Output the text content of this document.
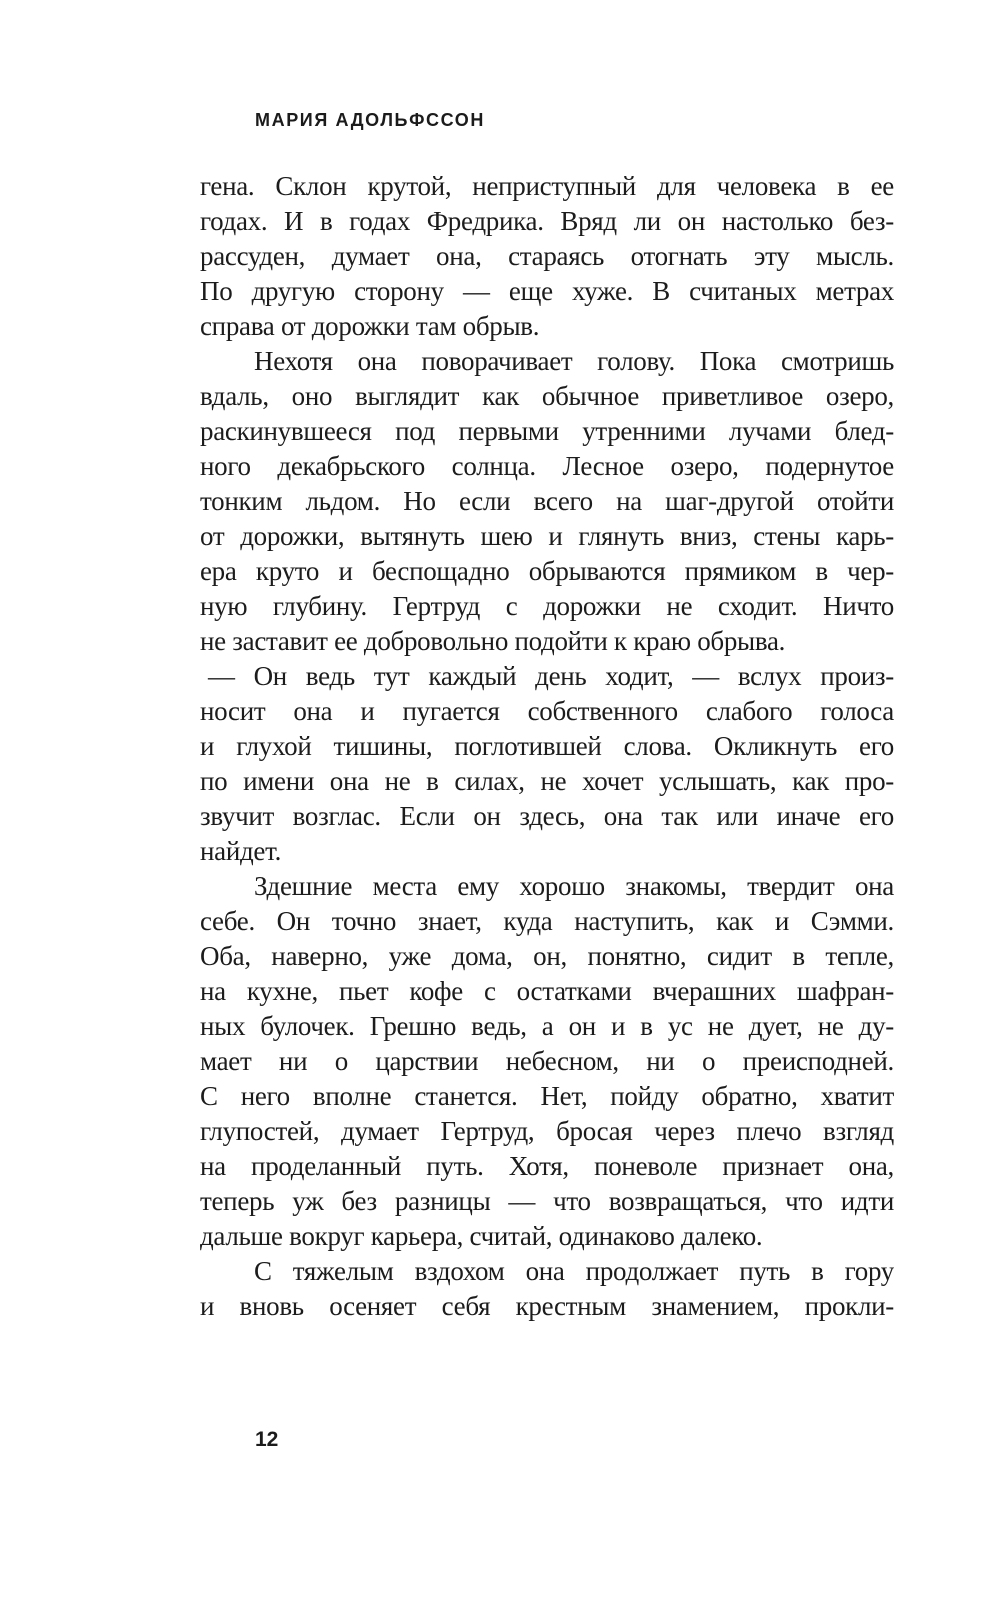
МАРИЯ АДОЛЬФССОН
гена. Склон крутой, неприступный для человека в ее
годах. И в годах Фредрика. Вряд ли он настолько без-
рассуден, думает она, стараясь отогнать эту мысль.
По другую сторону — еще хуже. В считаных метрах
справа от дорожки там обрыв.
Нехотя она поворачивает голову. Пока смотришь
вдаль, оно выглядит как обычное приветливое озеро,
раскинувшееся под первыми утренними лучами блед-
ного декабрьского солнца. Лесное озеро, подернутое
тонким льдом. Но если всего на шаг-другой отойти
от дорожки, вытянуть шею и глянуть вниз, стены карь-
ера круто и беспощадно обрываются прямиком в чер-
ную глубину. Гертруд с дорожки не сходит. Ничто
не заставит ее добровольно подойти к краю обрыва.
— Он ведь тут каждый день ходит, — вслух произ-
носит она и пугается собственного слабого голоса
и глухой тишины, поглотившей слова. Окликнуть его
по имени она не в силах, не хочет услышать, как про-
звучит возглас. Если он здесь, она так или иначе его
найдет.
Здешние места ему хорошо знакомы, твердит она
себе. Он точно знает, куда наступить, как и Сэмми.
Оба, наверно, уже дома, он, понятно, сидит в тепле,
на кухне, пьет кофе с остатками вчерашних шафран-
ных булочек. Грешно ведь, а он и в ус не дует, не ду-
мает ни о царствии небесном, ни о преисподней.
С него вполне станется. Нет, пойду обратно, хватит
глупостей, думает Гертруд, бросая через плечо взгляд
на проделанный путь. Хотя, поневоле признает она,
теперь уж без разницы — что возвращаться, что идти
дальше вокруг карьера, считай, одинаково далеко.
С тяжелым вздохом она продолжает путь в гору
и вновь осеняет себя крестным знамением, прокли-
12
